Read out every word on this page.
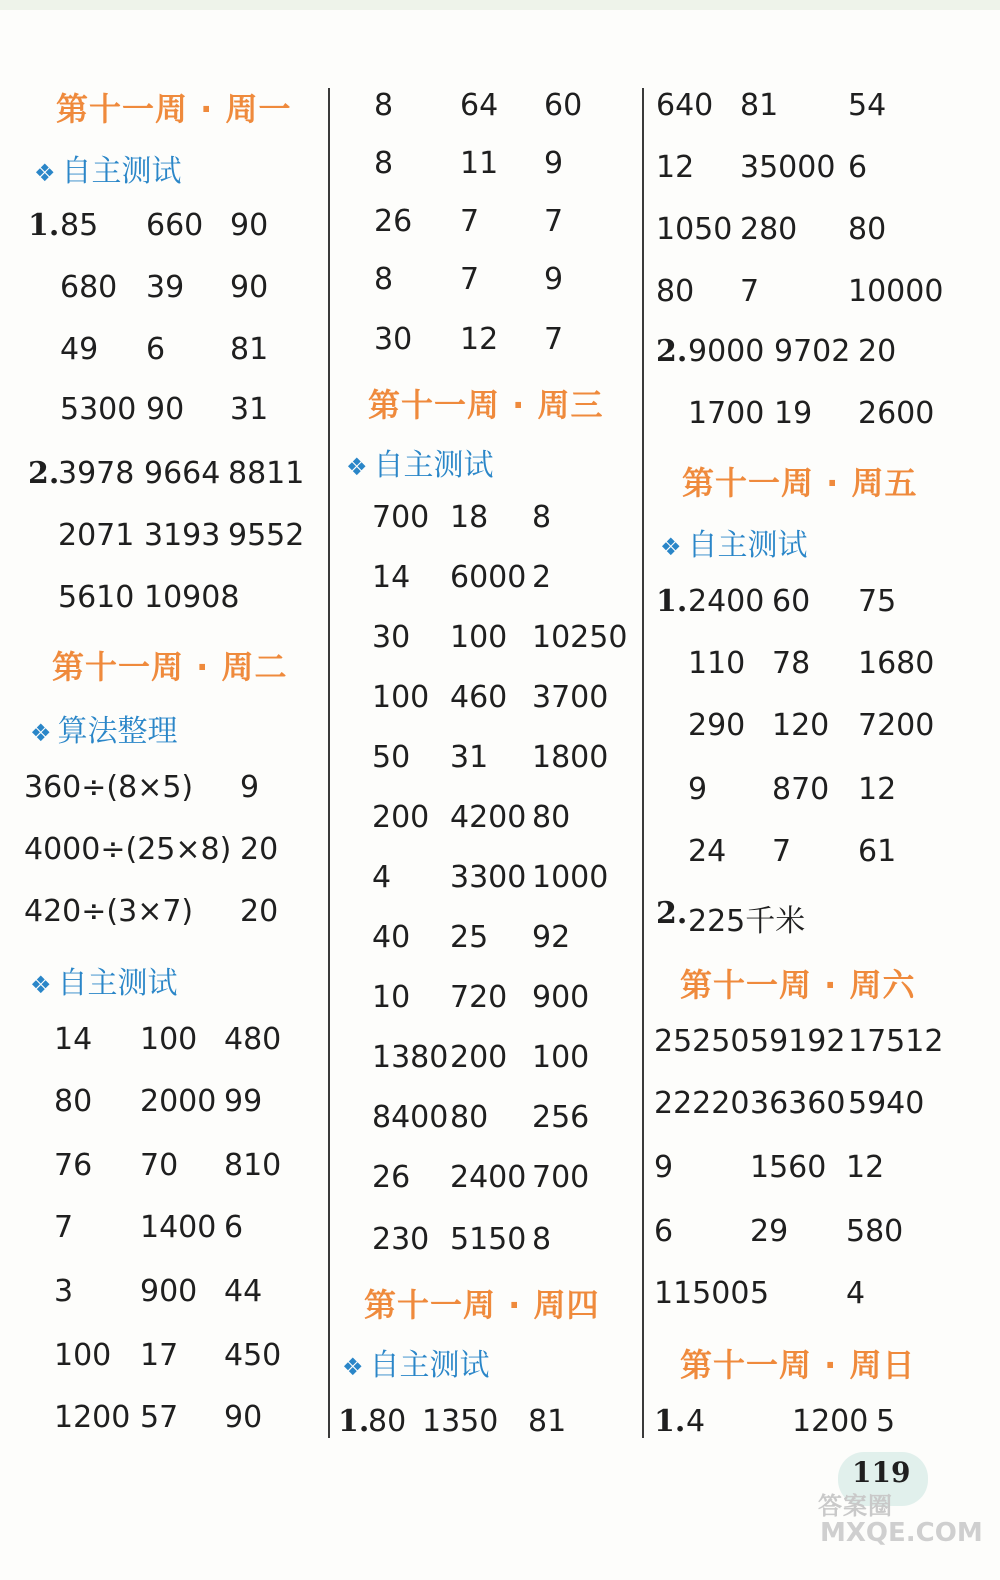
第十一周 · 周一
❖ 自主测试
1. 85 660 90
680 39 90
49 6 81
5300 90 31
2.
3978 9664 8811
2071 3193 9552
5610 10908
第十一周 · 周二
❖ 算法整理
360÷(8×5) 9
4000÷(25×8) 20
420÷(3×7) 20
❖ 自主测试
14 100 480
80 2000 99
76 70 810
7 1400 6
3 900 44
100 17 450
1200 57 90
8 64 60
8 11 9
26 7 7
8 7 9
30 12 7
第十一周 · 周三
❖ 自主测试
700 18 8
14 6000 2
30 100 10250
100 460 3700
50 31 1800
200 4200 80
4 3300 1000
40 25 92
10 720 900
1380 200 100
8400 80 256
26 2400 700
230 5150 8
第十一周 · 周四
❖ 自主测试
1.
80 1350 81
640 81 54
12 35000 6
1050 280 80
80 7	10000
2. 9000 9702 20
1700 19 2600
第十一周 · 周五
❖ 自主测试
1. 2400 60 75
110 78 1680
290 120 7200
9 870 12
24 7 61
2. 225千米
第十一周 · 周六
25250 59192 17512
22220 36360 5940
9	1560 12
6	29 580
11500 5	4
第十一周 · 周日
1. 4	1200 5
119
答案圈
MXQE.COM
